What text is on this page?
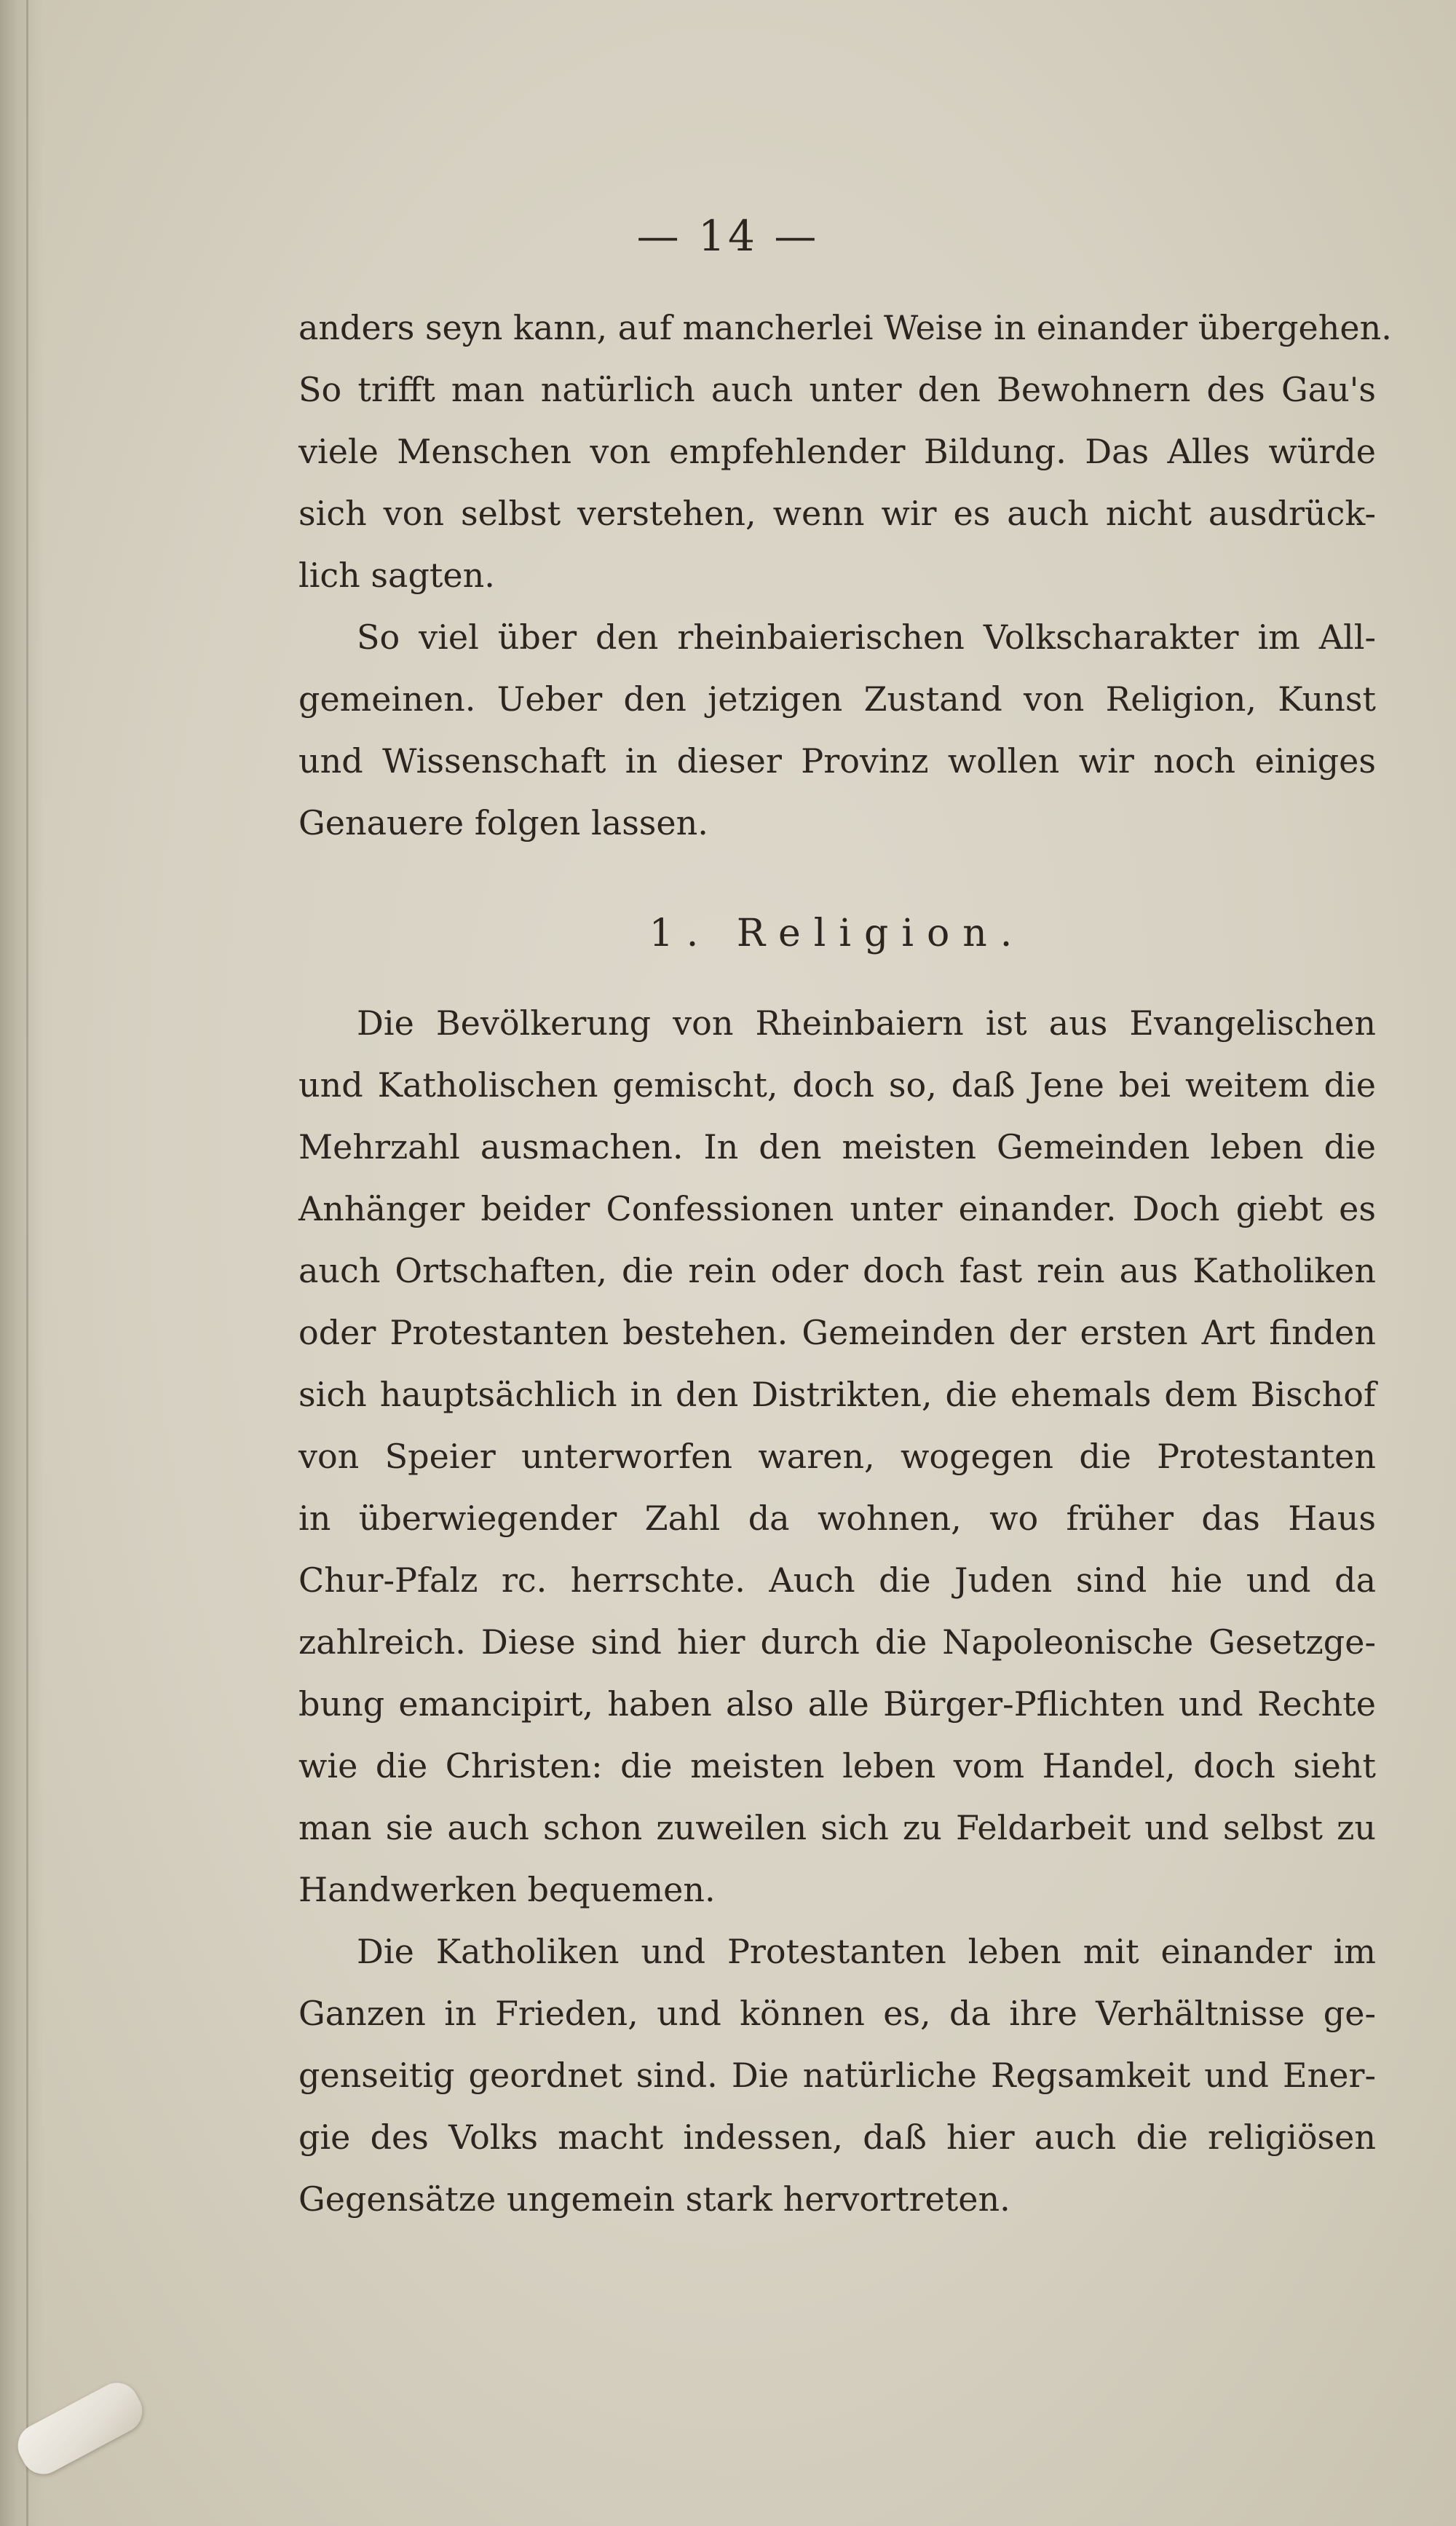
— 14 —
anders seyn kann, auf mancherlei Weise in einander übergehen.
So trifft man natürlich auch unter den Bewohnern des Gau's
viele Menschen von empfehlender Bildung. Das Alles würde
sich von selbst verstehen, wenn wir es auch nicht ausdrück-
lich sagten.
So viel über den rheinbaierischen Volkscharakter im All-
gemeinen. Ueber den jetzigen Zustand von Religion, Kunst
und Wissenschaft in dieser Provinz wollen wir noch einiges
Genauere folgen lassen.
1. Religion.
Die Bevölkerung von Rheinbaiern ist aus Evangelischen
und Katholischen gemischt, doch so, daß Jene bei weitem die
Mehrzahl ausmachen. In den meisten Gemeinden leben die
Anhänger beider Confessionen unter einander. Doch giebt es
auch Ortschaften, die rein oder doch fast rein aus Katholiken
oder Protestanten bestehen. Gemeinden der ersten Art finden
sich hauptsächlich in den Distrikten, die ehemals dem Bischof
von Speier unterworfen waren, wogegen die Protestanten
in überwiegender Zahl da wohnen, wo früher das Haus
Chur-Pfalz rc. herrschte. Auch die Juden sind hie und da
zahlreich. Diese sind hier durch die Napoleonische Gesetzge-
bung emancipirt, haben also alle Bürger-Pflichten und Rechte
wie die Christen: die meisten leben vom Handel, doch sieht
man sie auch schon zuweilen sich zu Feldarbeit und selbst zu
Handwerken bequemen.
Die Katholiken und Protestanten leben mit einander im
Ganzen in Frieden, und können es, da ihre Verhältnisse ge-
genseitig geordnet sind. Die natürliche Regsamkeit und Ener-
gie des Volks macht indessen, daß hier auch die religiösen
Gegensätze ungemein stark hervortreten.
